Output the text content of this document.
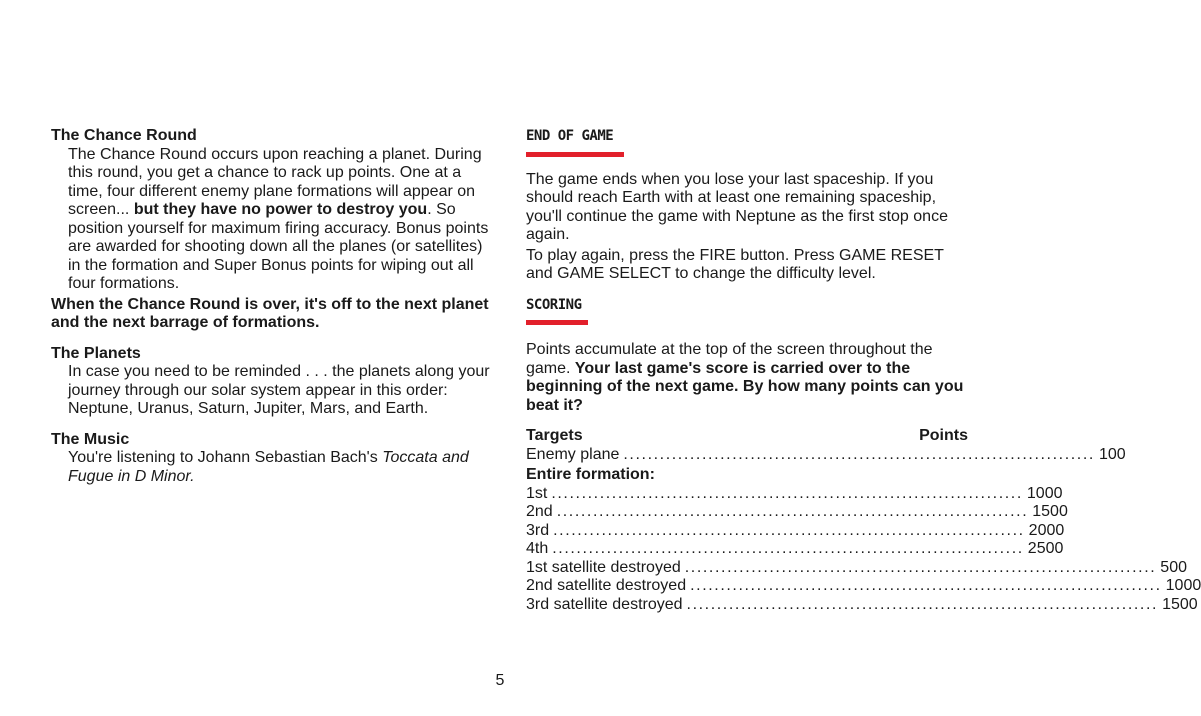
The Chance Round

The Chance Round occurs upon reaching a planet. During this round, you get a chance to rack up points. One at a time, four different enemy plane formations will appear on screen... but they have no power to destroy you. So position yourself for maximum firing accuracy. Bonus points are awarded for shooting down all the planes (or satellites) in the formation and Super Bonus points for wiping out all four formations.

When the Chance Round is over, it's off to the next planet and the next barrage of formations.

The Planets

In case you need to be reminded . . . the planets along your journey through our solar system appear in this order: Neptune, Uranus, Saturn, Jupiter, Mars, and Earth.

The Music

You're listening to Johann Sebastian Bach's Toccata and Fugue in D Minor.

END OF GAME

The game ends when you lose your last spaceship. If you should reach Earth with at least one remaining spaceship, you'll continue the game with Neptune as the first stop once again.

To play again, press the FIRE button. Press GAME RESET and GAME SELECT to change the difficulty level.

SCORING

Points accumulate at the top of the screen throughout the game. Your last game's score is carried over to the beginning of the next game. By how many points can you beat it?

Targets	Points
Enemy plane .............................................................................. 100

Entire formation:

1st .............................................................................. 1000
2nd .............................................................................. 1500
3rd .............................................................................. 2000
4th .............................................................................. 2500
1st satellite destroyed .............................................................................. 500
2nd satellite destroyed .............................................................................. 1000
3rd satellite destroyed .............................................................................. 1500
5
